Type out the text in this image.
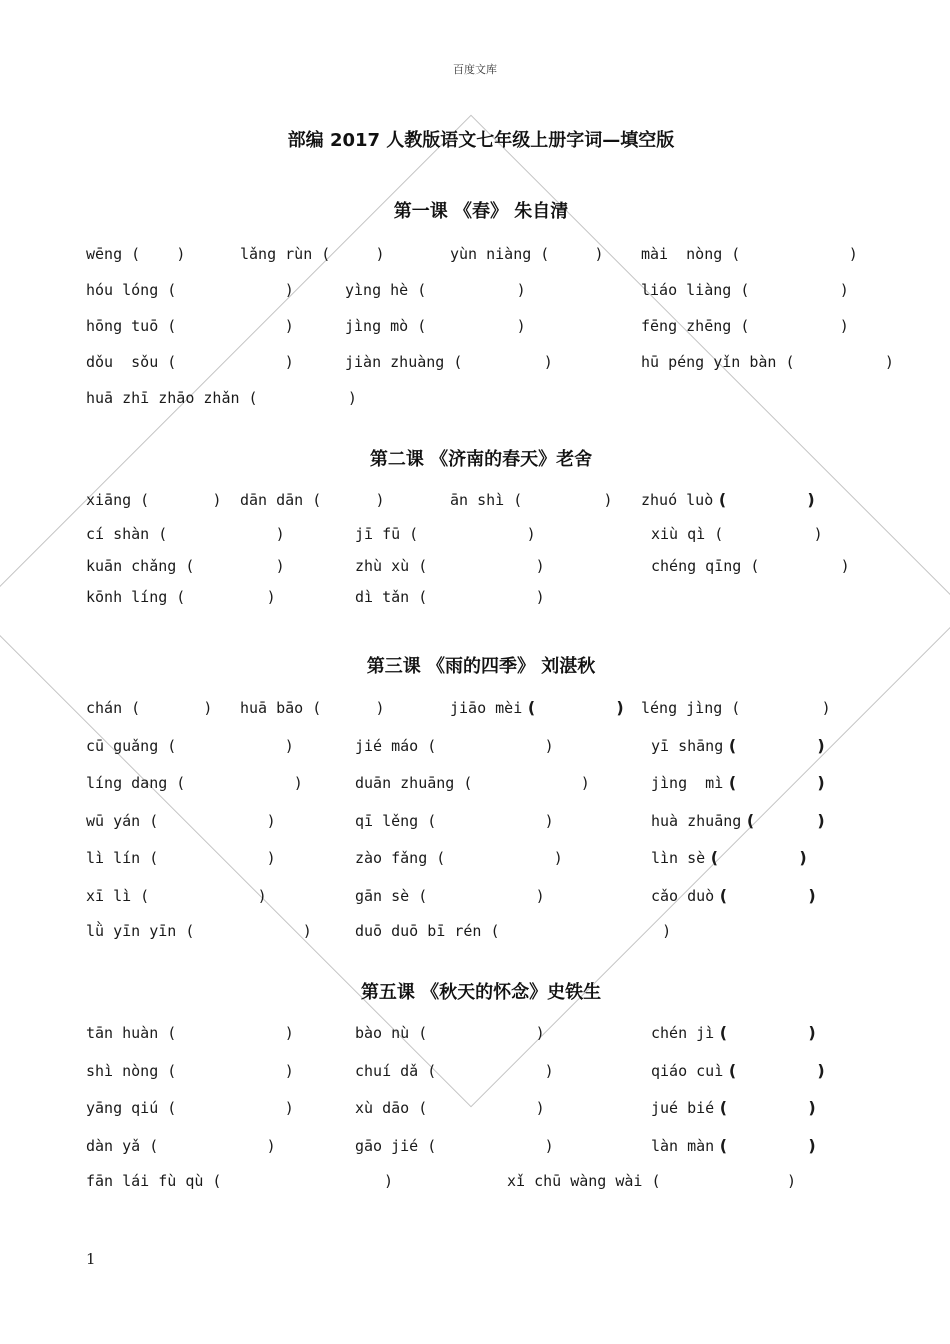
百度文库
部编 2017 人教版语文七年级上册字词—填空版
第一课 《春》 朱自清
wēng ( )	lǎng rùn (	)	yùn niàng (	) mài  nòng (	)
hóu lóng (	)	yìng hè (	)	liáo liàng (	)
hōng tuō (	)	jìng mò (	)	fēng zhēng (	)
dǒu  sǒu (	)	jiàn zhuàng (	)	hū péng yǐn bàn (	)
huā zhī zhāo zhǎn (	)
第二课 《济南的春天》老舍
xiāng (	) dān dān (	)	ān shì (	) zhuó luò (	)
cí shàn (	)	jī fū (	)	xiù qì (	)
kuān chǎng (	)	zhù xù (	)	chéng qīng (	)
kōnh líng (	)	dì tǎn (	)
第三课 《雨的四季》 刘湛秋
chán (	) huā bāo (	)	jiāo mèi (	) léng jìng (	)
cū guǎng (	)	jié máo (	)	yī shāng (	)
líng dang (	)	duān zhuāng (	)	jìng  mì (	)
wū yán (	)	qī lěng (	)	huà zhuāng (	)
lì lín (	)	zào fǎng (	)	lìn sè (	)
xī lì (	)	gān sè (	)	cǎo duò (	)
lǜ yīn yīn (	)	duō duō bī rén (	)
第五课 《秋天的怀念》史铁生
tān huàn (	)	bào nù (	)	chén jì (	)
shì nòng (	)	chuí dǎ (	)	qiáo cuì (	)
yāng qiú (	)	xù dāo (	)	jué bié (	)
dàn yǎ (	)	gāo jié (	)	làn màn (	)
fān lái fù qù (	)	xǐ chū wàng wài (	)
1
